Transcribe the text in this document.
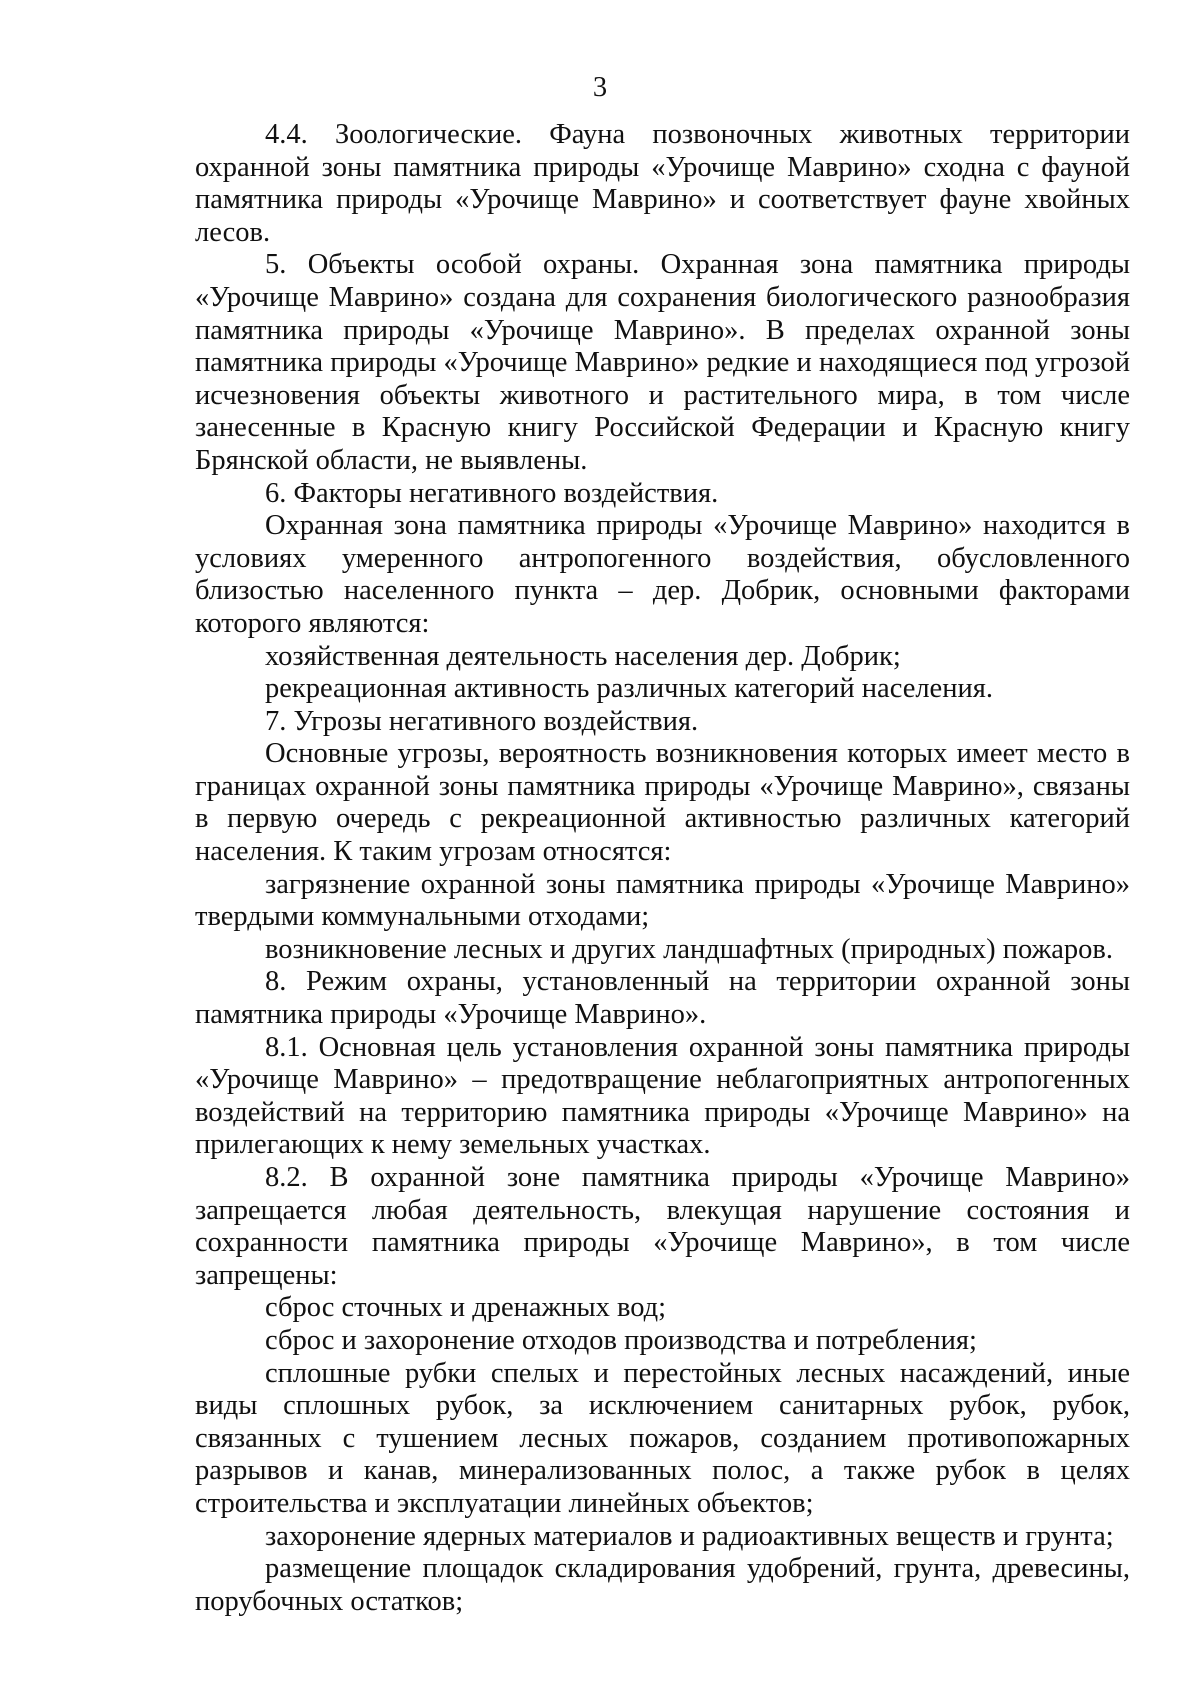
3

4.4. Зоологические. Фауна позвоночных животных территории охранной зоны памятника природы «Урочище Маврино» сходна с фауной памятника природы «Урочище Маврино» и соответствует фауне хвойных лесов.

5. Объекты особой охраны. Охранная зона памятника природы «Урочище Маврино» создана для сохранения биологического разнообразия памятника природы «Урочище Маврино». В пределах охранной зоны памятника природы «Урочище Маврино» редкие и находящиеся под угрозой исчезновения объекты животного и растительного мира, в том числе занесенные в Красную книгу Российской Федерации и Красную книгу Брянской области, не выявлены.

6. Факторы негативного воздействия.

Охранная зона памятника природы «Урочище Маврино» находится в условиях умеренного антропогенного воздействия, обусловленного близостью населенного пункта – дер. Добрик, основными факторами которого являются:

хозяйственная деятельность населения дер. Добрик;

рекреационная активность различных категорий населения.

7. Угрозы негативного воздействия.

Основные угрозы, вероятность возникновения которых имеет место в границах охранной зоны памятника природы «Урочище Маврино», связаны в первую очередь с рекреационной активностью различных категорий населения. К таким угрозам относятся:

загрязнение охранной зоны памятника природы «Урочище Маврино» твердыми коммунальными отходами;

возникновение лесных и других ландшафтных (природных) пожаров.

8. Режим охраны, установленный на территории охранной зоны памятника природы «Урочище Маврино».

8.1. Основная цель установления охранной зоны памятника природы «Урочище Маврино» – предотвращение неблагоприятных антропогенных воздействий на территорию памятника природы «Урочище Маврино» на прилегающих к нему земельных участках.

8.2. В охранной зоне памятника природы «Урочище Маврино» запрещается любая деятельность, влекущая нарушение состояния и сохранности памятника природы «Урочище Маврино», в том числе запрещены:

сброс сточных и дренажных вод;

сброс и захоронение отходов производства и потребления;

сплошные рубки спелых и перестойных лесных насаждений, иные виды сплошных рубок, за исключением санитарных рубок, рубок, связанных с тушением лесных пожаров, созданием противопожарных разрывов и канав, минерализованных полос, а также рубок в целях строительства и эксплуатации линейных объектов;

захоронение ядерных материалов и радиоактивных веществ и грунта;

размещение площадок складирования удобрений, грунта, древесины, порубочных остатков;
